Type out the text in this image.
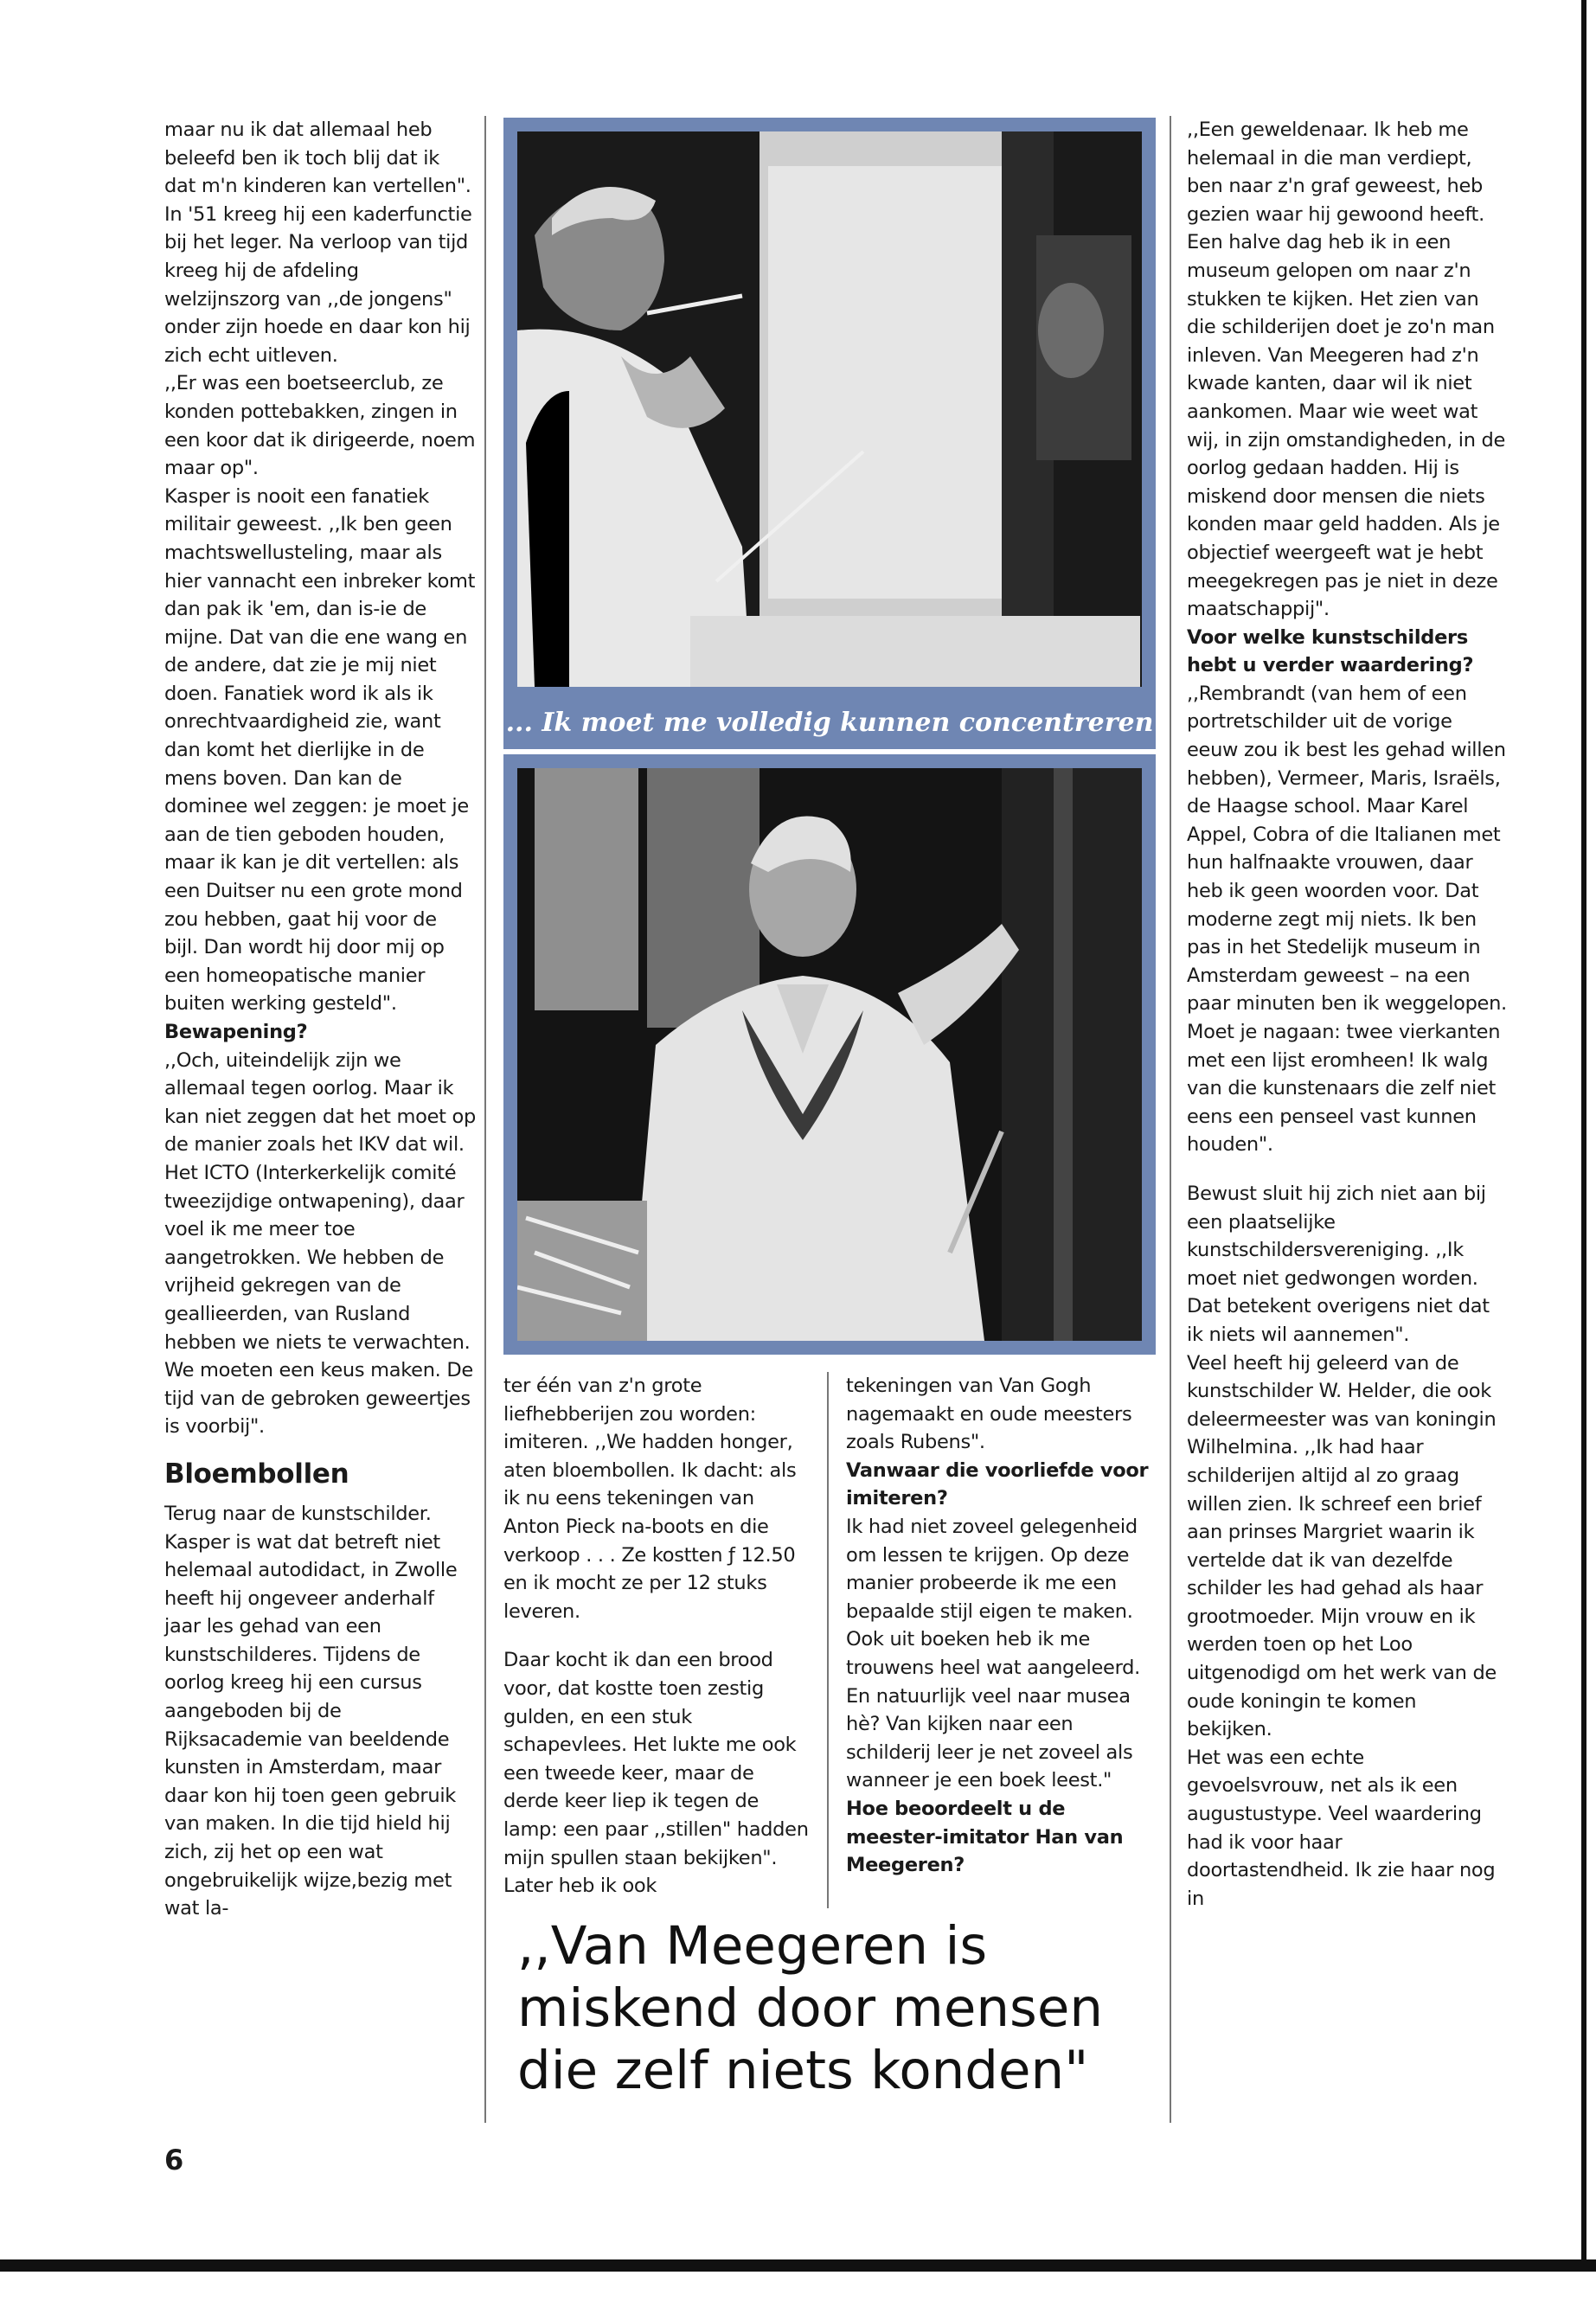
maar nu ik dat allemaal heb beleefd ben ik toch blij dat ik dat m'n kinderen kan vertellen".

In '51 kreeg hij een kaderfunctie bij het leger. Na verloop van tijd kreeg hij de afdeling welzijnszorg van ,,de jongens" onder zijn hoede en daar kon hij zich echt uitleven.

,,Er was een boetseerclub, ze konden pottebakken, zingen in een koor dat ik dirigeerde, noem maar op".

Kasper is nooit een fanatiek militair geweest. ,,Ik ben geen machtswellusteling, maar als hier vannacht een inbreker komt dan pak ik 'em, dan is-ie de mijne. Dat van die ene wang en de andere, dat zie je mij niet doen. Fanatiek word ik als ik onrechtvaardigheid zie, want dan komt het dierlijke in de mens boven. Dan kan de dominee wel zeggen: je moet je aan de tien geboden houden, maar ik kan je dit vertellen: als een Duitser nu een grote mond zou hebben, gaat hij voor de bijl. Dan wordt hij door mij op een homeopatische manier buiten werking gesteld".

Bewapening?

,,Och, uiteindelijk zijn we allemaal tegen oorlog. Maar ik kan niet zeggen dat het moet op de manier zoals het IKV dat wil. Het ICTO (Interkerkelijk comité tweezijdige ontwapening), daar voel ik me meer toe aangetrokken. We hebben de vrijheid gekregen van de geallieerden, van Rusland hebben we niets te verwachten. We moeten een keus maken. De tijd van de gebroken geweertjes is voorbij".

Bloembollen

Terug naar de kunstschilder. Kasper is wat dat betreft niet helemaal autodidact, in Zwolle heeft hij ongeveer anderhalf jaar les gehad van een kunstschilderes. Tijdens de oorlog kreeg hij een cursus aangeboden bij de Rijksacademie van beeldende kunsten in Amsterdam, maar daar kon hij toen geen gebruik van maken. In die tijd hield hij zich, zij het op een wat ongebruikelijk wijze,bezig met wat la-

... Ik moet me volledig kunnen concentreren

ter één van z'n grote liefhebberijen zou worden: imiteren. ,,We hadden honger, aten bloembollen. Ik dacht: als ik nu eens tekeningen van Anton Pieck na-boots en die verkoop . . . Ze kostten ƒ 12.50 en ik mocht ze per 12 stuks leveren.

Daar kocht ik dan een brood voor, dat kostte toen zestig gulden, en een stuk schapevlees. Het lukte me ook een tweede keer, maar de derde keer liep ik tegen de lamp: een paar ,,stillen" hadden mijn spullen staan bekijken". Later heb ik ook

tekeningen van Van Gogh nagemaakt en oude meesters zoals Rubens".

Vanwaar die voorliefde voor imiteren?

Ik had niet zoveel gelegenheid om lessen te krijgen. Op deze manier probeerde ik me een bepaalde stijl eigen te maken. Ook uit boeken heb ik me trouwens heel wat aangeleerd. En natuurlijk veel naar musea hè? Van kijken naar een schilderij leer je net zoveel als wanneer je een boek leest."

Hoe beoordeelt u de meester-imitator Han van Meegeren?

,,Van Meegeren is miskend door mensen die zelf niets konden"

,,Een geweldenaar. Ik heb me helemaal in die man verdiept, ben naar z'n graf geweest, heb gezien waar hij gewoond heeft. Een halve dag heb ik in een museum gelopen om naar z'n stukken te kijken. Het zien van die schilderijen doet je zo'n man inleven. Van Meegeren had z'n kwade kanten, daar wil ik niet aankomen. Maar wie weet wat wij, in zijn omstandigheden, in de oorlog gedaan hadden. Hij is miskend door mensen die niets konden maar geld hadden. Als je objectief weergeeft wat je hebt meegekregen pas je niet in deze maatschappij".

Voor welke kunstschilders hebt u verder waardering?

,,Rembrandt (van hem of een portretschilder uit de vorige eeuw zou ik best les gehad willen hebben), Vermeer, Maris, Israëls, de Haagse school. Maar Karel Appel, Cobra of die Italianen met hun halfnaakte vrouwen, daar heb ik geen woorden voor. Dat moderne zegt mij niets. Ik ben pas in het Stedelijk museum in Amsterdam geweest – na een paar minuten ben ik weggelopen. Moet je nagaan: twee vierkanten met een lijst eromheen! Ik walg van die kunstenaars die zelf niet eens een penseel vast kunnen houden".

Bewust sluit hij zich niet aan bij een plaatselijke kunstschildersvereniging. ,,Ik moet niet gedwongen worden. Dat betekent overigens niet dat ik niets wil aannemen".

Veel heeft hij geleerd van de kunstschilder W. Helder, die ook deleermeester was van koningin Wilhelmina. ,,Ik had haar schilderijen altijd al zo graag willen zien. Ik schreef een brief aan prinses Margriet waarin ik vertelde dat ik van dezelfde schilder les had gehad als haar grootmoeder. Mijn vrouw en ik werden toen op het Loo uitgenodigd om het werk van de oude koningin te komen bekijken.

Het was een echte gevoelsvrouw, net als ik een augustustype. Veel waardering had ik voor haar doortastendheid. Ik zie haar nog in

6
